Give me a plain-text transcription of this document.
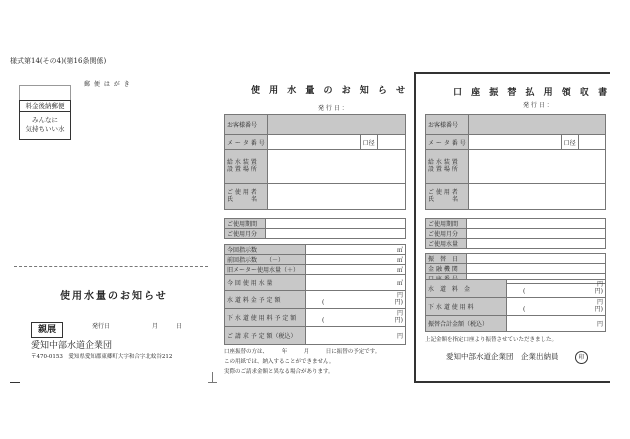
様式第14(その4)(第16条関係)
郵 便 は が き
料金後納郵便
みんなに
気持ちいい水
使用水量のお知らせ
親展	発行日	月	日
愛知中部水道企業団
〒470-0153　愛知県愛知郡東郷町大字和合字北蚊谷212
使 用 水 量 の お 知 ら せ
発 行 日 ：
お客様番号			
メ ー タ 番 号		口径	

給 水 装 置
設 置 場 所			

ご 使 用 者
氏　　　名			

ご使用期間	
ご使用月分	
今回指示数	㎥
前回指示数　　（－）	㎥
旧メーター使用水量（＋）	㎥
今 回 使 用 水 量	㎥
水 道 料 金 予 定 額	円
( 円)

下 水 道 使 用 料 予 定 額	円
( 円)

ご 請 求 予 定 額（税込）	円
口座振替の方は、　　　年　　　月　　　日に振替の予定です。
この用紙では、納入することができません。
実際のご請求金額と異なる場合があります。
口 座 振 替 払 用 領 収 書
発 行 日 ：
お客様番号			
メ ー タ 番 号		口径	

給 水 装 置
設 置 場 所			

ご 使 用 者
氏　　　名			

ご使用期間	
ご使用月分	
ご使用水量	
振　替　日	
金 融 機 関	

水　道　料　金	円
( 円)

下 水 道 使 用 料	円
( 円)

振替合計金額（税込）	円
上記金額を指定口座より振替させていただきました。
愛知中部水道企業団　企業出納員	印
